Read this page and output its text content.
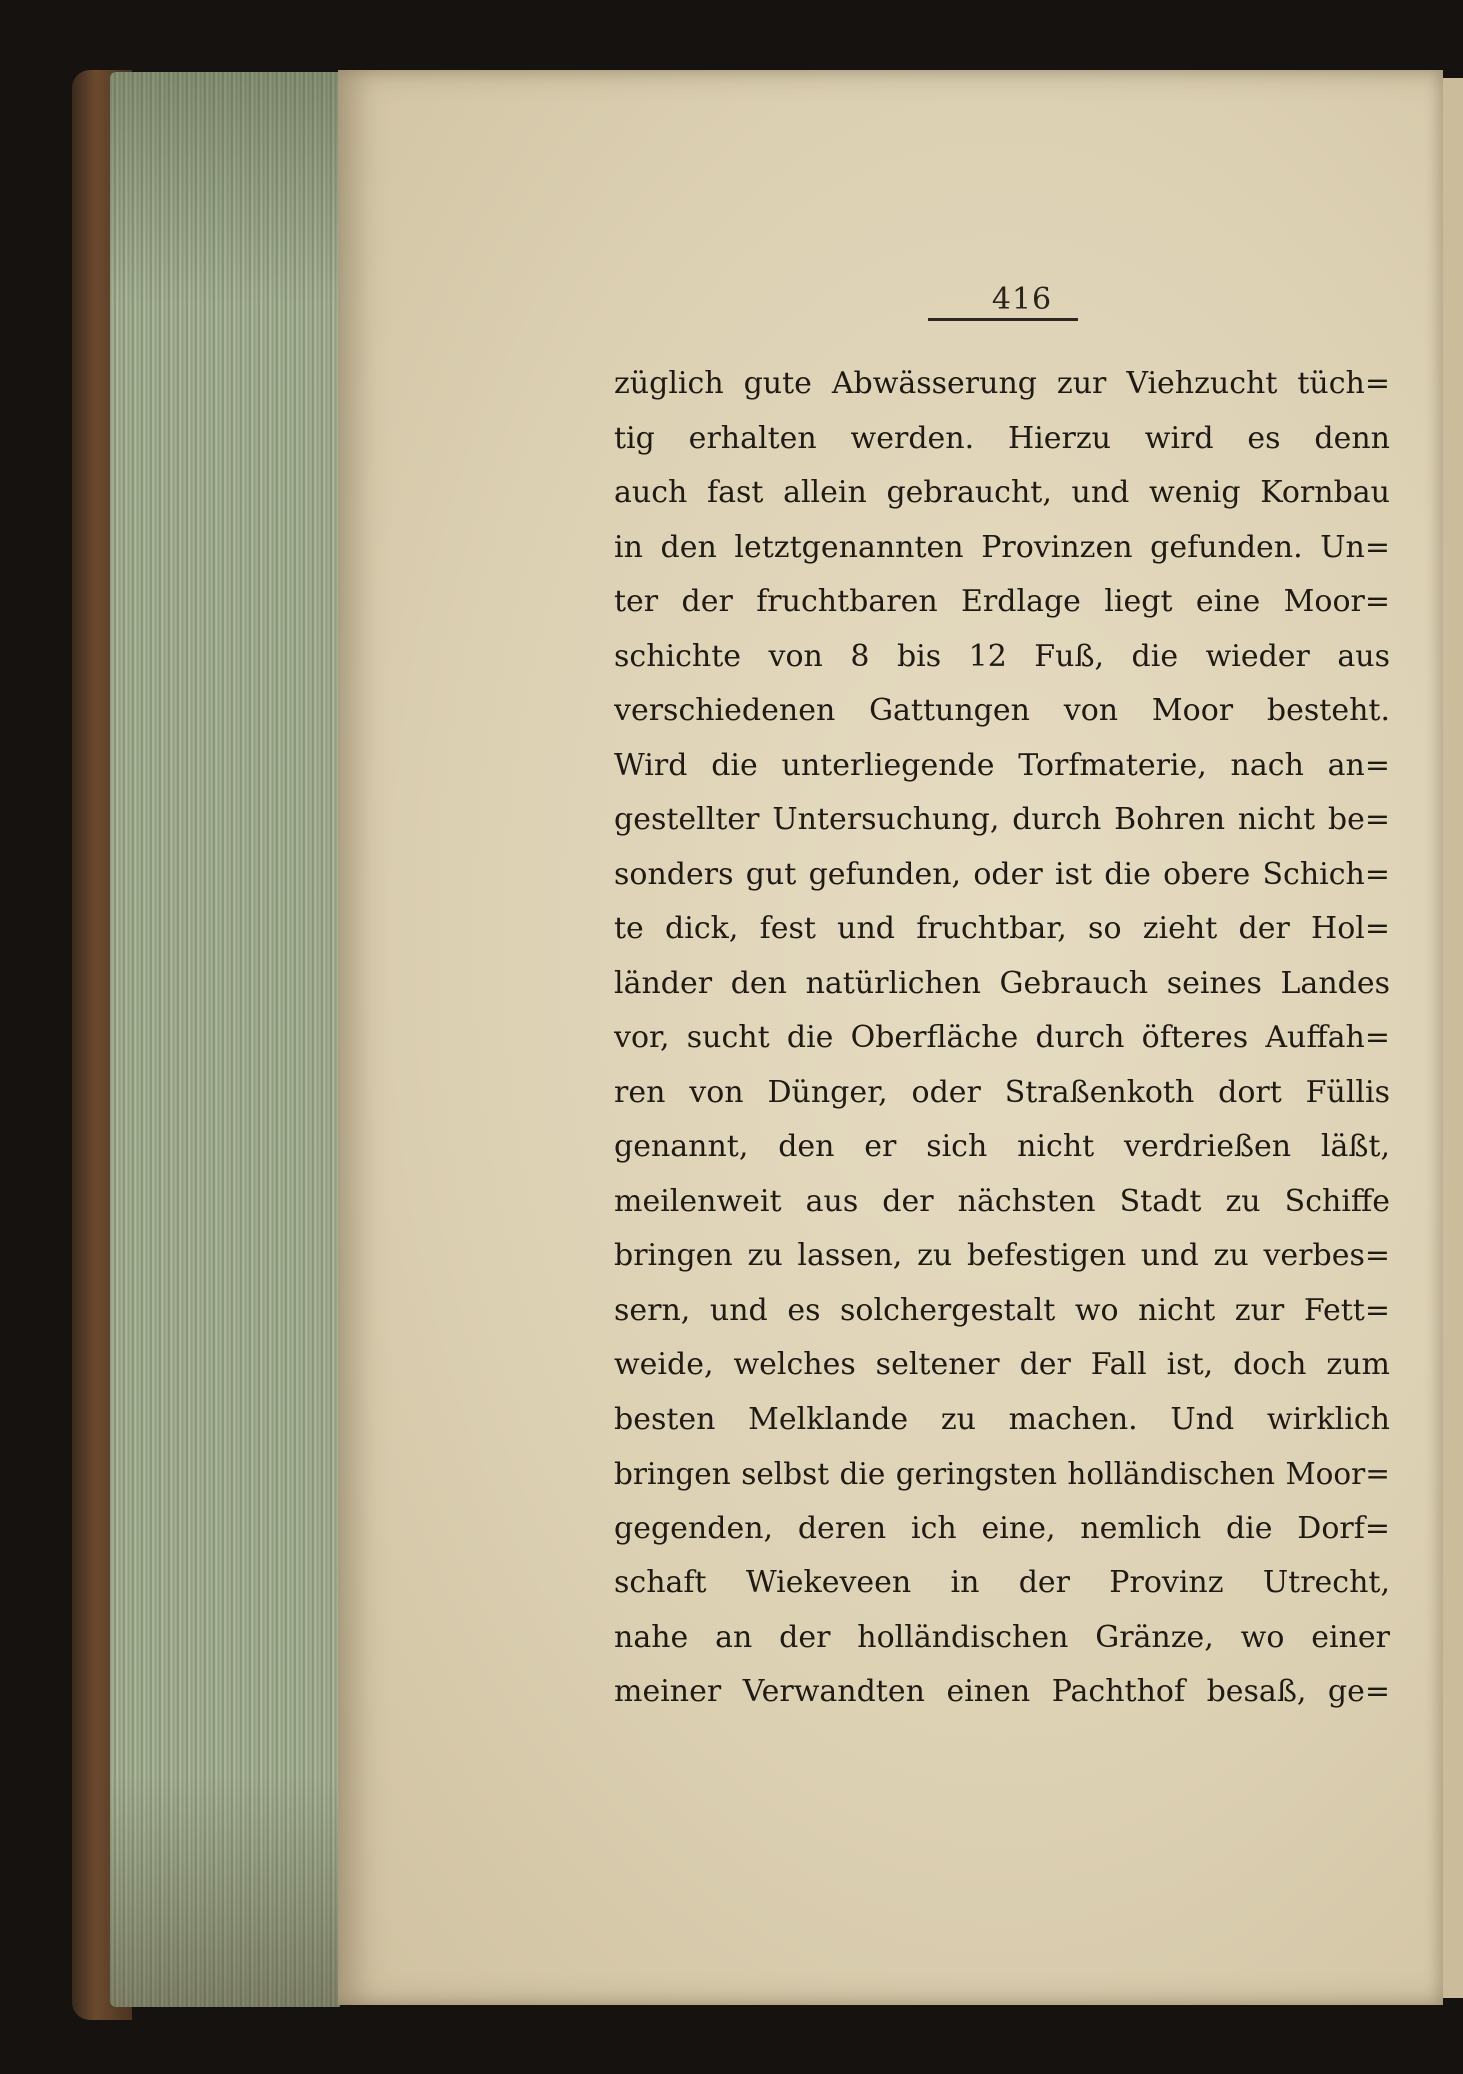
416
züglich gute Abwässerung zur Viehzucht tüch=
tig erhalten werden. Hierzu wird es denn
auch fast allein gebraucht, und wenig Kornbau
in den letztgenannten Provinzen gefunden. Un=
ter der fruchtbaren Erdlage liegt eine Moor=
schichte von 8 bis 12 Fuß, die wieder aus
verschiedenen Gattungen von Moor besteht.
Wird die unterliegende Torfmaterie, nach an=
gestellter Untersuchung, durch Bohren nicht be=
sonders gut gefunden, oder ist die obere Schich=
te dick, fest und fruchtbar, so zieht der Hol=
länder den natürlichen Gebrauch seines Landes
vor, sucht die Oberfläche durch öfteres Auffah=
ren von Dünger, oder Straßenkoth dort Füllis
genannt, den er sich nicht verdrießen läßt,
meilenweit aus der nächsten Stadt zu Schiffe
bringen zu lassen, zu befestigen und zu verbes=
sern, und es solchergestalt wo nicht zur Fett=
weide, welches seltener der Fall ist, doch zum
besten Melklande zu machen. Und wirklich
bringen selbst die geringsten holländischen Moor=
gegenden, deren ich eine, nemlich die Dorf=
schaft Wiekeveen in der Provinz Utrecht,
nahe an der holländischen Gränze, wo einer
meiner Verwandten einen Pachthof besaß, ge=
